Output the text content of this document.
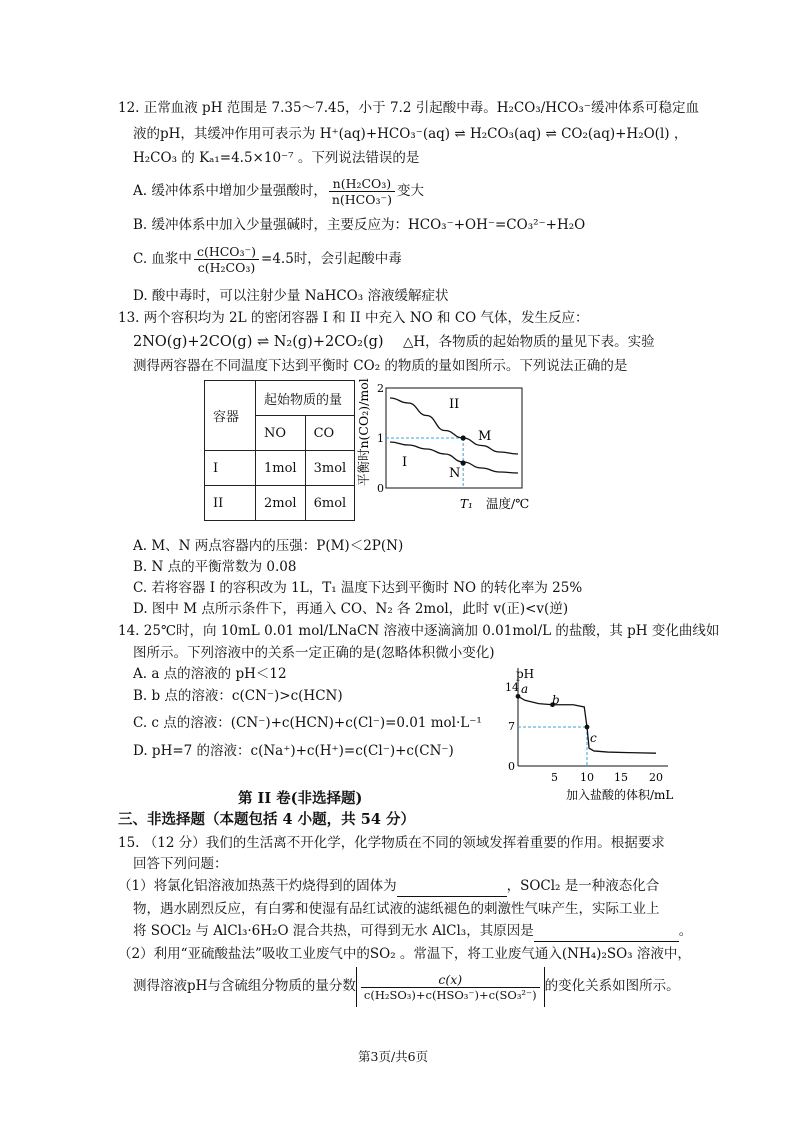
12. 正常血液 pH 范围是 7.35～7.45，小于 7.2 引起酸中毒。H₂CO₃/HCO₃⁻缓冲体系可稳定血
液的pH，其缓冲作用可表示为 H⁺(aq)+HCO₃⁻(aq) ⇌ H₂CO₃(aq) ⇌ CO₂(aq)+H₂O(l) ，
H₂CO₃ 的 Kₐ₁=4.5×10⁻⁷ 。下列说法错误的是
A. 缓冲体系中增加少量强酸时， $\frac{\text{n(H₂CO₃)}}{\text{n(HCO₃⁻)}}$ 变大
B. 缓冲体系中加入少量强碱时，主要反应为：HCO₃⁻+OH⁻=CO₃²⁻+H₂O
C. 血浆中 $\frac{\text{c(HCO₃⁻)}}{\text{c(H₂CO₃)}} =4.5$时，会引起酸中毒
D. 酸中毒时，可以注射少量 NaHCO₃ 溶液缓解症状
13. 两个容积均为 2L 的密闭容器 I 和 II 中充入 NO 和 CO 气体，发生反应：
2NO(g)+2CO(g) ⇌ N₂(g)+2CO₂(g) △H，各物质的起始物质的量见下表。实验
测得两容器在不同温度下达到平衡时 CO₂ 的物质的量如图所示。下列说法正确的是
容器	起始物质的量	
	NO	CO
I	1mol	3mol
II	2mol	6mol
平衡时n(CO₂)/mol 2
1
0
II
I
M
N
T₁ 温度/℃
A. M、N 两点容器内的压强：P(M)＜2P(N)
B. N 点的平衡常数为 0.08
C. 若将容器 I 的容积改为 1L，T₁ 温度下达到平衡时 NO 的转化率为 25%
D. 图中 M 点所示条件下，再通入 CO、N₂ 各 2mol，此时 v(正)<v(逆)
14. 25℃时，向 10mL 0.01 mol/LNaCN 溶液中逐滴滴加 0.01mol/L 的盐酸，其 pH 变化曲线如
图所示。下列溶液中的关系一定正确的是(忽略体积微小变化)
A. a 点的溶液的 pH＜12
B. b 点的溶液：c(CN⁻)>c(HCN)
C. c 点的溶液：(CN⁻)+c(HCN)+c(Cl⁻)=0.01 mol·L⁻¹
D. pH=7 的溶液：c(Na⁺)+c(H⁺)=c(Cl⁻)+c(CN⁻)
pH
14
7
0
5 10 15 20
加入盐酸的体积/mL
a
b
c
第 II 卷(非选择题)
三、非选择题（本题包括 4 小题，共 54 分）
15. （12 分）我们的生活离不开化学，化学物质在不同的领域发挥着重要的作用。根据要求
回答下列问题：
（1）将氯化铝溶液加热蒸干灼烧得到的固体为	，SOCl₂ 是一种液态化合
物，遇水剧烈反应，有白雾和使湿有品红试液的滤纸褪色的刺激性气味产生，实际工业上
将 SOCl₂ 与 AlCl₃·6H₂O 混合共热，可得到无水 AlCl₃，其原因是	。
（2）利用“亚硫酸盐法”吸收工业废气中的SO₂ 。常温下，将工业废气通入(NH₄)₂SO₃ 溶液中，
测得溶液pH与含硫组分物质的量分数 $\frac{c(x)}{\text{c(H₂SO₃)+c(HSO₃⁻)+c(SO₃²⁻)}}$ 的变化关系如图所示。
第3页/共6页
